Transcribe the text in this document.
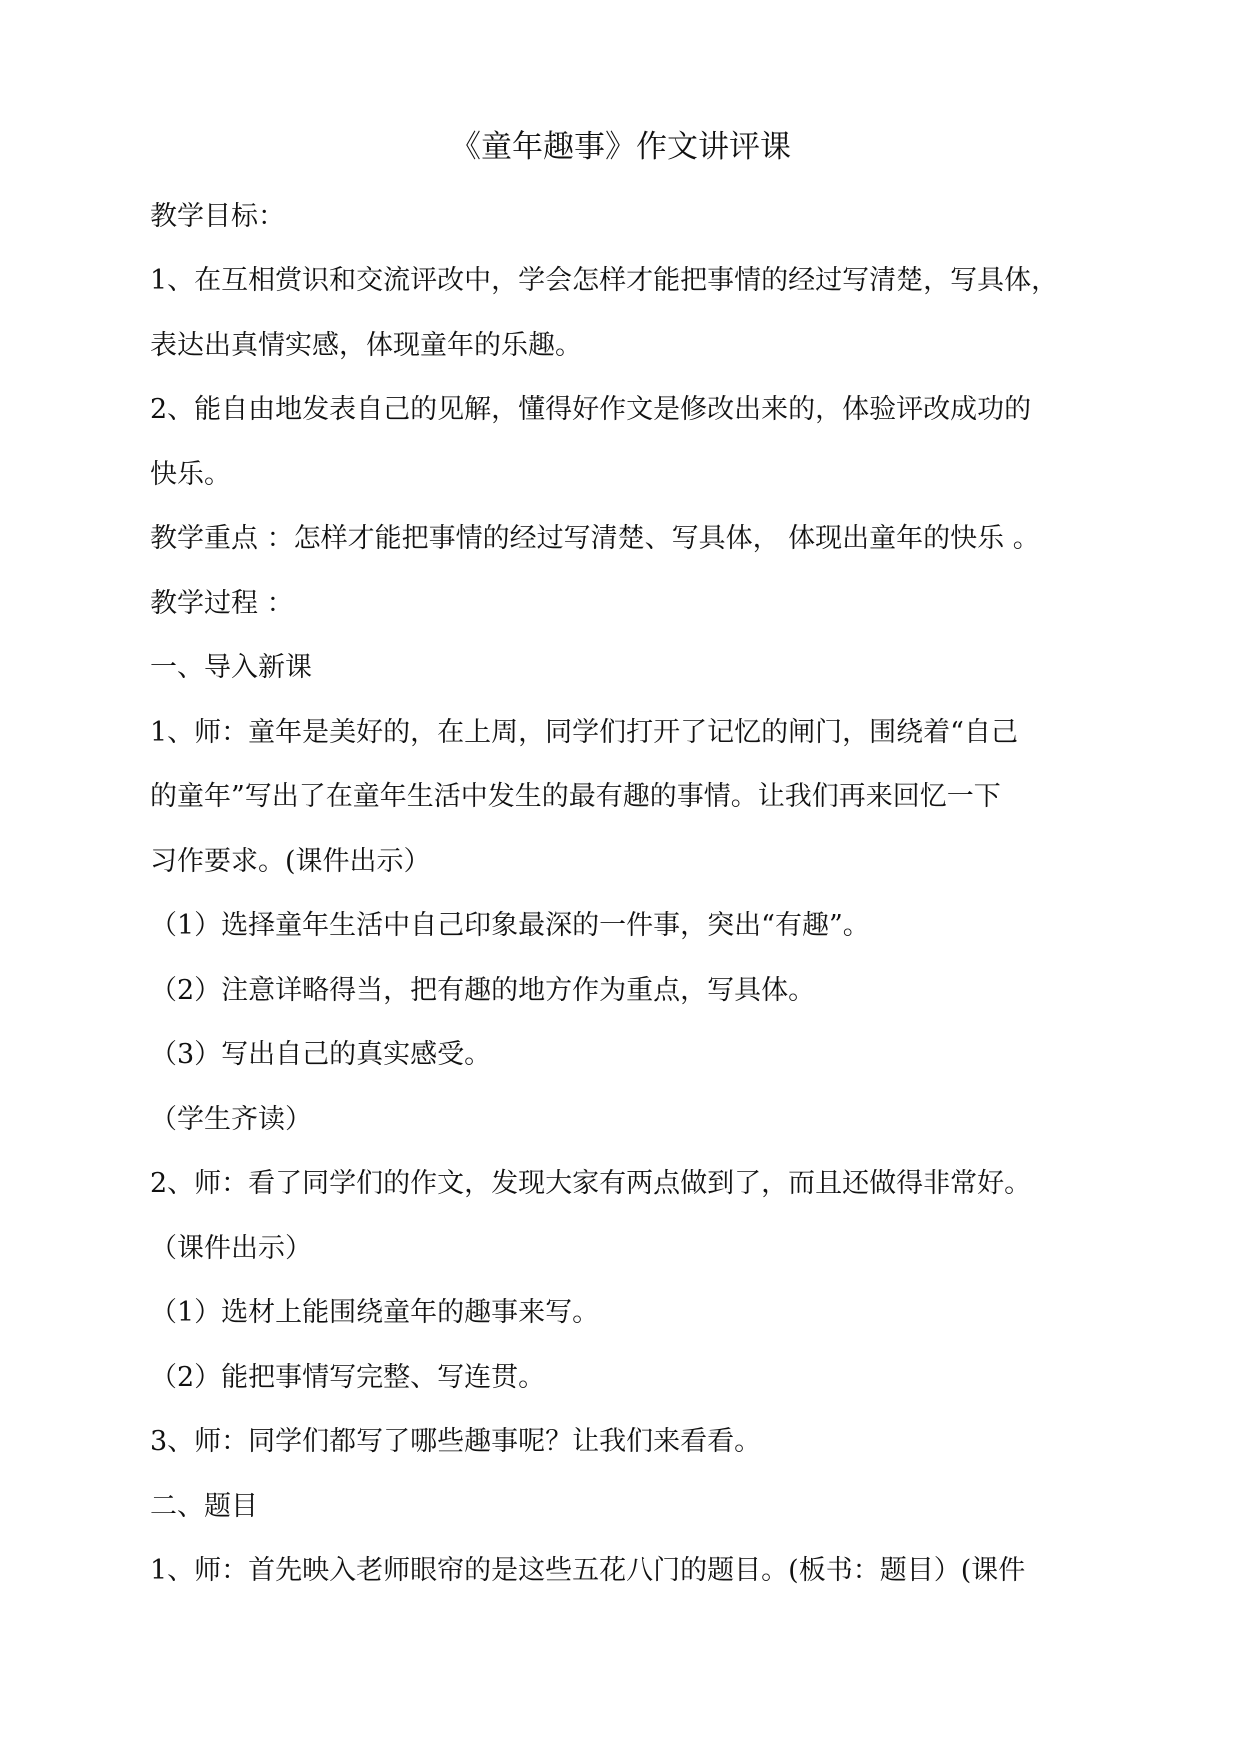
《童年趣事》作文讲评课
教学目标：
1、在互相赏识和交流评改中，学会怎样才能把事情的经过写清楚，写具体，
表达出真情实感，体现童年的乐趣。
2、能自由地发表自己的见解，懂得好作文是修改出来的，体验评改成功的
快乐。
教学重点 ：怎样才能把事情的经过写清楚、写具体， 体现出童年的快乐 。
教学过程 ：
一、导入新课
1、师：童年是美好的，在上周，同学们打开了记忆的闸门，围绕着“自己
的童年”写出了在童年生活中发生的最有趣的事情。让我们再来回忆一下
习作要求。(课件出示）
（1）选择童年生活中自己印象最深的一件事，突出“有趣”。
（2）注意详略得当，把有趣的地方作为重点，写具体。
（3）写出自己的真实感受。
（学生齐读）
2、师：看了同学们的作文，发现大家有两点做到了，而且还做得非常好。
（课件出示）
（1）选材上能围绕童年的趣事来写。
（2）能把事情写完整、写连贯。
3、师：同学们都写了哪些趣事呢？让我们来看看。
二、题目
1、师：首先映入老师眼帘的是这些五花八门的题目。(板书：题目）(课件
